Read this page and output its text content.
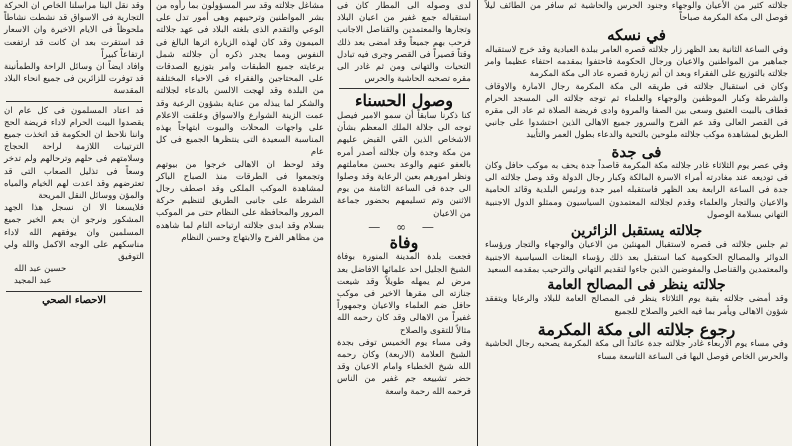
جلالته كثير من الأعيان والوجهاء وجنود الحرس والحاشية ثم سافر من الطائف ليلاً فوصل الى مكة المكرمة صباحاً

في نسكه

وفي الساعة الثانية بعد الظهر زار جلالته قصره العامر ببلدة العبادية وقد خرج لاستقباله جماهير من المواطنين والاعيان ورجال الحكومة فاحتفوا بمقدمه احتفاء عظيما وامر جلالته بالتوزيع على الفقراء وبعد ان أتم زيارة قصره عاد الى مكة المكرمة

وكان فى استقبال جلالته فى طريقه الى مكة المكرمة رجال الامارة والاوقاف والشرطة وكبار الموظفين والوجهاء والعلماء ثم توجه جلالته الى المسجد الحرام فطاف بالبيت العتيق وسعى بين الصفا والمروة وادى فريضة الصلاة ثم عاد الى مقره فى القصر العالى وقد عم الفرح والسرور جميع الاهالى الذين احتشدوا على جانبي الطريق لمشاهدة موكب جلالته ملوحين بالتحية والدعاء بطول العمر والتأييد

فى جدة

وفي عصر يوم الثلاثاء غادر جلالته مكة المكرمة قاصداً جدة يحف به موكب حافل وكان فى توديعه عند مغادرته أمراء الاسرة المالكة وكبار رجال الدولة وقد وصل جلالته الى جدة فى الساعة الرابعة بعد الظهر فاستقبله امير جدة ورئيس البلدية وقائد الحامية والاعيان والتجار والعلماء وقدم لجلالته المعتمدون السياسيون وممثلو الدول الاجنبية التهاني بسلامة الوصول

جلالته يستقبل الزائرين

ثم جلس جلالته فى قصره لاستقبال المهنئين من الاعيان والوجهاء والتجار ورؤساء الدوائر والمصالح الحكومية كما استقبل بعد ذلك رؤساء البعثات السياسية الاجنبية والمعتمدين والقناصل والمفوضين الذين جاءوا لتقديم التهاني والترحيب بمقدمه السعيد

جلالته ينظر فى المصالح العامة

وقد أمضى جلالته بقية يوم الثلاثاء ينظر فى المصالح العامة للبلاد والرعايا ويتفقد شؤون الاهالى ويأمر بما فيه الخير والصلاح للجميع

رجوع جلالته الى مكة المكرمة

وفي مساء يوم الاربعاء غادر جلالته جدة عائداً الى مكة المكرمة يصحبه رجال الحاشية والحرس الخاص فوصل اليها فى الساعة التاسعة مساء

لدى وصوله الى المطار كان فى استقباله جمع غفير من اعيان البلاد وتجارها والمعتمدين والقناصل الاجانب فرحب بهم جميعاً وقد امضى بعد ذلك وقتاً قصيراً فى القصر وجرى فيه تبادل التحيات والتهانى ومن ثم غادر الى مقره تصحبه الحاشية والحرس

وصول الحسناء

كنا ذكرنا سابقاً أن سمو الامير فيصل توجه الى جلالة الملك المعظم بشأن الاشخاص الذين القي القبض عليهم من مكة وجدة وأن جلالته أصدر أمره بالعفو عنهم والوعد بحسن معاملتهم ونظر امورهم بعين الرعاية وقد وصلوا الى جدة فى الساعة الثامنة من يوم الاثنين وتم تسليمهم بحضور جماعة من الاعيان

— ∞ —
وفاة

فجعت بلدة المدينة المنورة بوفاة الشيخ الجليل احد علمائها الافاضل بعد مرض لم يمهله طويلاً وقد شيعت جنازته الى مقرها الاخير فى موكب حافل ضم العلماء والاعيان وجمهوراً غفيراً من الاهالى وقد كان رحمه الله مثالاً للتقوى والصلاح

وفى مساء يوم الخميس توفى بجدة الشيخ العلامة (الاربعة) وكان رحمه الله شيخ الخطباء وامام الاعيان وقد حضر تشييعه جم غفير من الناس فرحمه الله رحمة واسعة

مشاغل جلالته وقد سر المسؤولون بما رأوه من بشر المواطنين وترحيبهم وهى أمور تدل على الوعي والتقدم الذى بلغته البلاد فى عهد جلالته الميمون وقد كان لهذه الزيارة اثرها البالغ فى النفوس ومما يجدر ذكره أن جلالته شمل برعايته جميع الطبقات وامر بتوزيع الصدقات على المحتاجين والفقراء فى الاحياء المختلفة من البلدة وقد لهجت الالسن بالدعاء لجلالته والشكر لما يبذله من عناية بشؤون الرعية وقد عمت الزينة الشوارع والاسواق وعلقت الاعلام على واجهات المحلات والبيوت ابتهاجاً بهذه المناسبة السعيدة التى ينتظرها الجميع فى كل عام

وقد لوحظ ان الاهالى خرجوا من بيوتهم وتجمعوا فى الطرقات منذ الصباح الباكر لمشاهدة الموكب الملكى وقد اصطف رجال الشرطة على جانبى الطريق لتنظيم حركة المرور والمحافظة على النظام حتى مر الموكب بسلام وقد ابدى جلالته ارتياحه التام لما شاهده من مظاهر الفرح والابتهاج وحسن النظام

وقد نقل الينا مراسلنا الخاص ان الحركة التجارية فى الاسواق قد نشطت نشاطاً ملحوظاً فى الايام الاخيرة وان الاسعار قد استقرت بعد ان كانت قد ارتفعت ارتفاعاً كبيراً

وافاد ايضاً ان وسائل الراحة والطمأنينة قد توفرت للزائرين فى جميع انحاء البلاد المقدسة

قد اعتاد المسلمون فى كل عام ان يقصدوا البيت الحرام لاداء فريضة الحج واننا نلاحظ ان الحكومة قد اتخذت جميع الترتيبات اللازمة لراحة الحجاج وسلامتهم فى حلهم وترحالهم ولم تدخر وسعاً فى تذليل الصعاب التى قد تعترضهم وقد اعدت لهم الخيام والمياه والمؤن ووسائل النقل المريحة

فلايسعنا الا ان نسجل هذا الجهد المشكور ونرجو ان يعم الخير جميع المسلمين وان يوفقهم الله لاداء مناسكهم على الوجه الاكمل والله ولي التوفيق

حسين عبد الله
عبد المجيد
الاحصاء الصحي
